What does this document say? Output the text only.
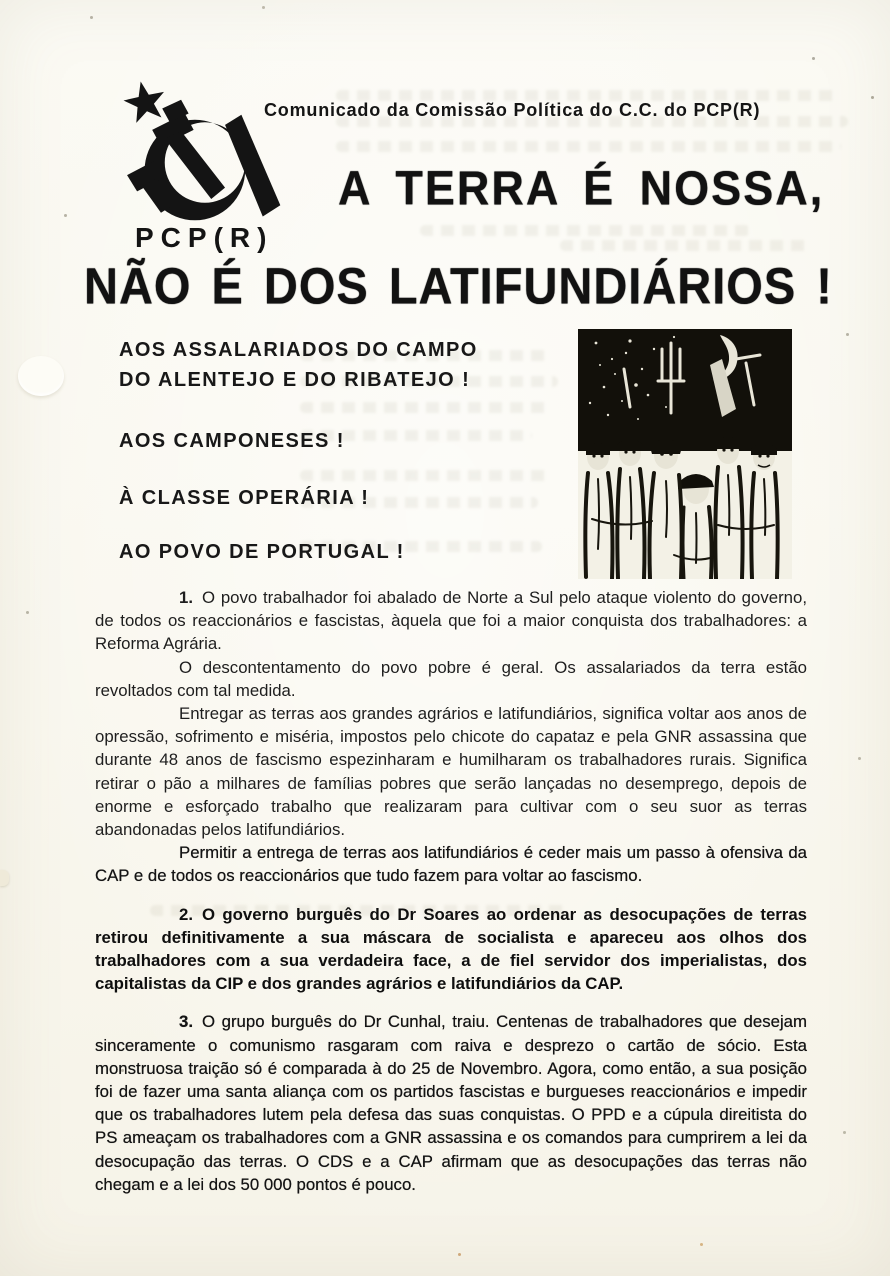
PCP(R)
Comunicado da Comissão Política do C.C. do PCP(R)
A TERRA É NOSSA,
NÃO É DOS LATIFUNDIÁRIOS !
AOS ASSALARIADOS DO CAMPO
DO ALENTEJO E DO RIBATEJO !
AOS CAMPONESES !
À CLASSE OPERÁRIA !
AO POVO DE PORTUGAL !

1. O povo trabalhador foi abalado de Norte a Sul pelo ataque violento do governo, de todos os reaccionários e fascistas, àquela que foi a maior conquista dos trabalhadores: a Reforma Agrária.

O descontentamento do povo pobre é geral. Os assalariados da terra estão revoltados com tal medida.

Entregar as terras aos grandes agrários e latifundiários, significa voltar aos anos de opressão, sofrimento e miséria, impostos pelo chicote do capataz e pela GNR assassina que durante 48 anos de fascismo espezinharam e humilharam os trabalhadores rurais. Significa retirar o pão a milhares de famílias pobres que serão lançadas no desemprego, depois de enorme e esforçado trabalho que realizaram para cultivar com o seu suor as terras abandonadas pelos latifundiários.

Permitir a entrega de terras aos latifundiários é ceder mais um passo à ofensiva da CAP e de todos os reaccionários que tudo fazem para voltar ao fascismo.

2. O governo burguês do Dr Soares ao ordenar as desocupações de terras retirou definitivamente a sua máscara de socialista e apareceu aos olhos dos trabalhadores com a sua verdadeira face, a de fiel servidor dos imperialistas, dos capitalistas da CIP e dos grandes agrários e latifundiários da CAP.

3. O grupo burguês do Dr Cunhal, traiu. Centenas de trabalhadores que desejam sinceramente o comunismo rasgaram com raiva e desprezo o cartão de sócio. Esta monstruosa traição só é comparada à do 25 de Novembro. Agora, como então, a sua posição foi de fazer uma santa aliança com os partidos fascistas e burgueses reaccionários e impedir que os trabalhadores lutem pela defesa das suas conquistas. O PPD e a cúpula direitista do PS ameaçam os trabalhadores com a GNR assassina e os comandos para cumprirem a lei da desocupação das terras. O CDS e a CAP afirmam que as desocupações das terras não chegam e a lei dos 50 000 pontos é pouco.
